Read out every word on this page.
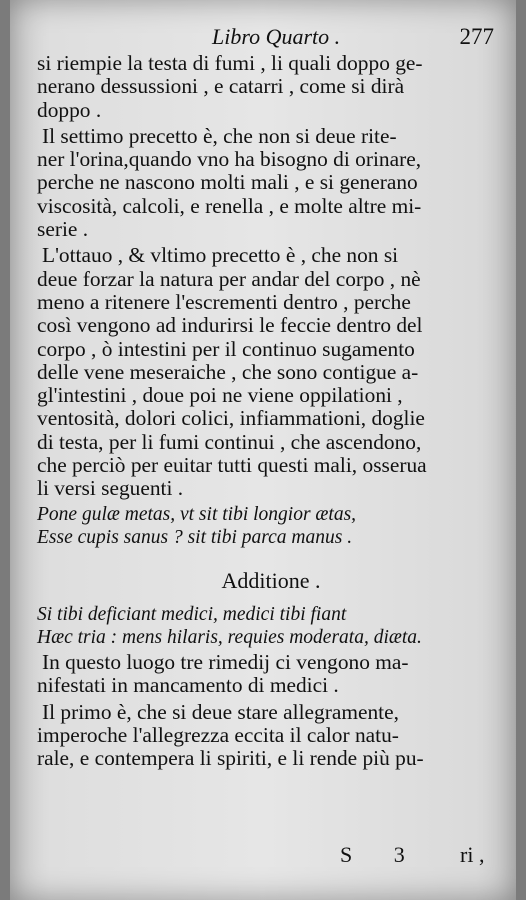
Libro Quarto .	277
si riempie la testa di fumi , li quali doppo ge-
nerano dessussioni , e catarri , come si dirà
doppo .
Il settimo precetto è, che non si deue rite-
ner l'orina,quando vno ha bisogno di orinare,
perche ne nascono molti mali , e si generano
viscosità, calcoli, e renella , e molte altre mi-
serie .
L'ottauo , & vltimo precetto è , che non si
deue forzar la natura per andar del corpo , nè
meno a ritenere l'escrementi dentro , perche
così vengono ad indurirsi le feccie dentro del
corpo , ò intestini per il continuo sugamento
delle vene meseraiche , che sono contigue a-
gl'intestini , doue poi ne viene oppilationi ,
ventosità, dolori colici, infiammationi, doglie
di testa, per li fumi continui , che ascendono,
che perciò per euitar tutti questi mali, osserua
li versi seguenti .
Pone gulæ metas, vt sit tibi longior ætas,
Esse cupis sanus ? sit tibi parca manus .
Additione .
Si tibi deficiant medici, medici tibi fiant
Hæc tria : mens hilaris, requies moderata, diæta.
In questo luogo tre rimedij ci vengono ma-
nifestati in mancamento di medici .
Il primo è, che si deue stare allegramente,
imperoche l'allegrezza eccita il calor natu-
rale, e contempera li spiriti, e li rende più pu-
S 3 ri ,
